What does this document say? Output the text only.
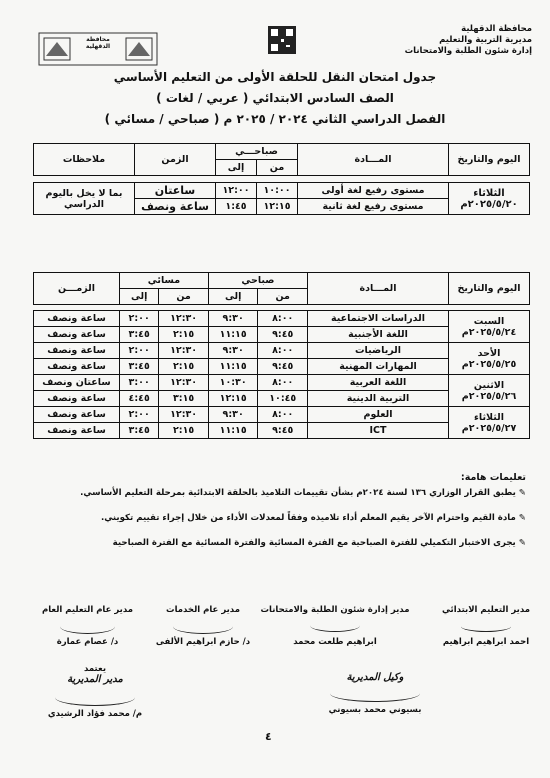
محافظة الدقهلية
مديرية التربية والتعليم
إدارة شئون الطلبة والامتحانات
محافظة الدقهلية
جدول امتحان النقل للحلقة الأولى من التعليم الأساسي
الصف السادس الابتدائي ( عربي / لغات )
الفصل الدراسي الثاني ٢٠٢٤ / ٢٠٢٥ م ( صباحي / مسائي )
اليوم والتاريخ	المـــادة	صباحـــي		الزمن	ملاحظات
		من	إلى		

الثلاثاء
٢٠٢٥/٥/٢٠م	مستوى رفيع لغة أولى	١٠:٠٠	١٢:٠٠	ساعتان	بما لا يخل باليوم الدراسي
	مستوى رفيع لغة ثانية	١٢:١٥	١:٤٥	ساعة ونصف	
اليوم والتاريخ	المـــادة	صباحي		مسائي		الزمـــن
		من	إلى	من	إلى	

السبت
٢٠٢٥/٥/٢٤م	الدراسات الاجتماعية	٨:٠٠	٩:٣٠	١٢:٣٠	٢:٠٠	ساعة ونصف
	اللغة الأجنبية	٩:٤٥	١١:١٥	٢:١٥	٣:٤٥	ساعة ونصف

الأحد
٢٠٢٥/٥/٢٥م	الرياضيات	٨:٠٠	٩:٣٠	١٢:٣٠	٢:٠٠	ساعة ونصف
	المهارات المهنية	٩:٤٥	١١:١٥	٢:١٥	٣:٤٥	ساعة ونصف

الاثنين
٢٠٢٥/٥/٢٦م	اللغة العربية	٨:٠٠	١٠:٣٠	١٢:٣٠	٣:٠٠	ساعتان ونصف
	التربية الدينية	١٠:٤٥	١٢:١٥	٣:١٥	٤:٤٥	ساعة ونصف

الثلاثاء
٢٠٢٥/٥/٢٧م	العلوم	٨:٠٠	٩:٣٠	١٢:٣٠	٢:٠٠	ساعة ونصف
	ICT	٩:٤٥	١١:١٥	٢:١٥	٣:٤٥	ساعة ونصف
تعليمات هامة:
✎ يطبق القرار الوزاري ١٣٦ لسنة ٢٠٢٤م بشأن تقييمات التلاميذ بالحلقة الابتدائية بمرحلة التعليم الأساسي.
✎ مادة القيم واحترام الآخر يقيم المعلم أداء تلاميذه وفقاً لمعدلات الأداء من خلال إجراء تقييم تكويني.
✎ يجرى الاختبار التكميلي للفترة الصباحية مع الفترة المسائية والفترة المسائية مع الفترة الصباحية
مدير التعليم الابتدائي
احمد ابراهيم ابراهيم
مدير إدارة شئون الطلبة والامتحانات
ابراهيم طلعت محمد
مدير عام الخدمات
د/ حازم ابراهيم الألفى
مدير عام التعليم العام
د/ عصام عمارة
وكيل المديرية
بسيوني محمد بسيوني
يعتمد
مدير المديرية
م/ محمد فؤاد الرشيدي
٤
